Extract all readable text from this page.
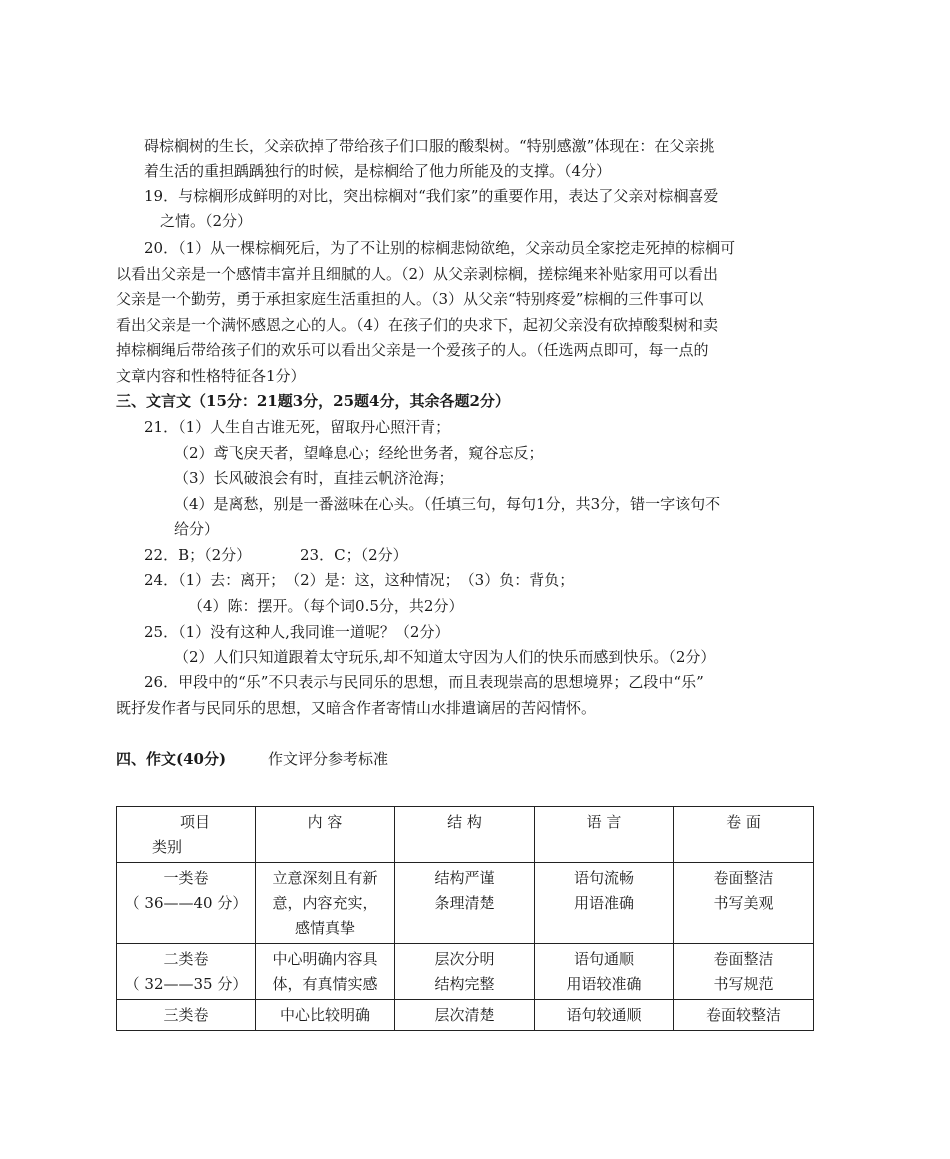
碍棕榈树的生长，父亲砍掉了带给孩子们口服的酸梨树。“特别感激”体现在：在父亲挑
着生活的重担踽踽独行的时候，是棕榈给了他力所能及的支撑。（4分）
19．与棕榈形成鲜明的对比，突出棕榈对“我们家”的重要作用，表达了父亲对棕榈喜爱
之情。（2分）
20．（1）从一棵棕榈死后，为了不让别的棕榈悲恸欲绝，父亲动员全家挖走死掉的棕榈可
以看出父亲是一个感情丰富并且细腻的人。（2）从父亲剥棕榈，搓棕绳来补贴家用可以看出
父亲是一个勤劳，勇于承担家庭生活重担的人。（3）从父亲“特别疼爱”棕榈的三件事可以
看出父亲是一个满怀感恩之心的人。（4）在孩子们的央求下，起初父亲没有砍掉酸梨树和卖
掉棕榈绳后带给孩子们的欢乐可以看出父亲是一个爱孩子的人。（任选两点即可，每一点的
文章内容和性格特征各1分）
三、文言文（15分：21题3分，25题4分，其余各题2分）
21．（1）人生自古谁无死，留取丹心照汗青；
（2）鸢飞戾天者，望峰息心；经纶世务者，窥谷忘反；
（3）长风破浪会有时，直挂云帆济沧海；
（4）是离愁，别是一番滋味在心头。（任填三句，每句1分，共3分，错一字该句不
给分）
22．B；（2分）	23．C；（2分）
24．（1）去：离开；　（2）是：这，这种情况；　（3）负：背负；
（4）陈：摆开。（每个词0.5分，共2分）
25．（1）没有这种人,我同谁一道呢？（2分）
（2）人们只知道跟着太守玩乐,却不知道太守因为人们的快乐而感到快乐。（2分）
26．甲段中的“乐”不只表示与民同乐的思想，而且表现崇高的思想境界；乙段中“乐”
既抒发作者与民同乐的思想，又暗含作者寄情山水排遣谪居的苦闷情怀。
四、作文(40分)	作文评分参考标准
项目
类别	内 容	结 构	语 言	卷 面

一类卷
（ 36——40 分）	立意深刻且有新
意，内容充实，
感情真挚	结构严谨
条理清楚	语句流畅
用语准确	卷面整洁
书写美观

二类卷
（ 32——35 分）	中心明确内容具
体，有真情实感	层次分明
结构完整	语句通顺
用语较准确	卷面整洁
书写规范

三类卷	中心比较明确	层次清楚	语句较通顺	卷面较整洁
